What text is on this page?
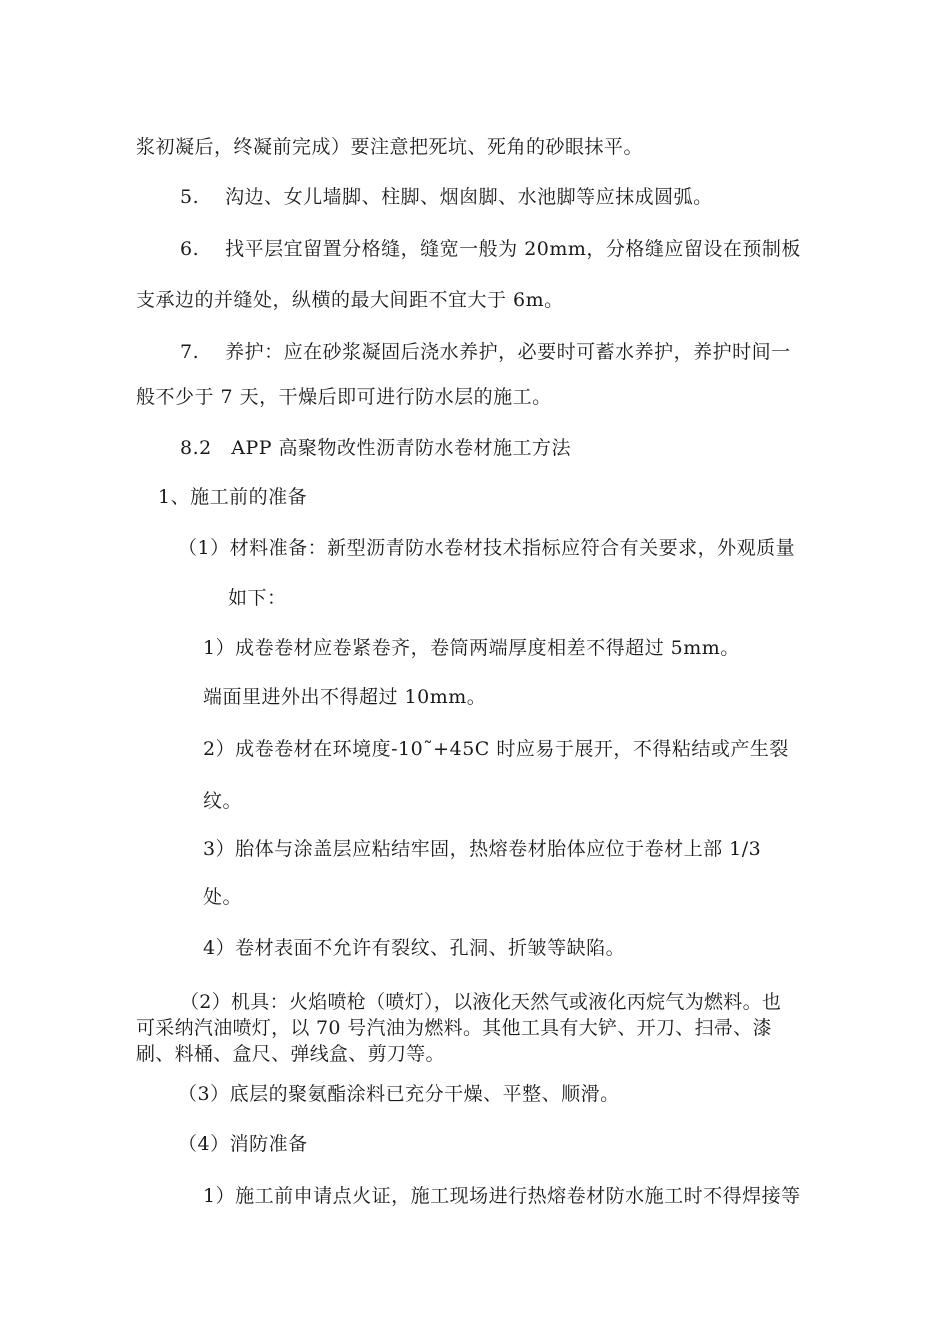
浆初凝后，终凝前完成）要注意把死坑、死角的砂眼抹平。
5.　 沟边、女儿墙脚、柱脚、烟囱脚、水池脚等应抹成圆弧。
6.　 找平层宜留置分格缝，缝宽一般为 20mm，分格缝应留设在预制板
支承边的并缝处，纵横的最大间距不宜大于 6m。
7.　 养护：应在砂浆凝固后浇水养护，必要时可蓄水养护，养护时间一
般不少于 7 天，干燥后即可进行防水层的施工。
8.2　APP 高聚物改性沥青防水卷材施工方法
1、施工前的准备
（1）材料准备：新型沥青防水卷材技术指标应符合有关要求，外观质量
如下：
1）成卷卷材应卷紧卷齐，卷筒两端厚度相差不得超过 5mm。
端面里进外出不得超过 10mm。
2）成卷卷材在环境度-10˜+45C 时应易于展开，不得粘结或产生裂
纹。
3）胎体与涂盖层应粘结牢固，热熔卷材胎体应位于卷材上部 1/3
处。
4）卷材表面不允许有裂纹、孔洞、折皱等缺陷。
（2）机具：火焰喷枪（喷灯），以液化天然气或液化丙烷气为燃料。也
可采纳汽油喷灯，以 70 号汽油为燃料。其他工具有大铲、开刀、扫帚、漆
刷、料桶、盒尺、弹线盒、剪刀等。
（3）底层的聚氨酯涂料已充分干燥、平整、顺滑。
（4）消防准备
1）施工前申请点火证，施工现场进行热熔卷材防水施工时不得焊接等
